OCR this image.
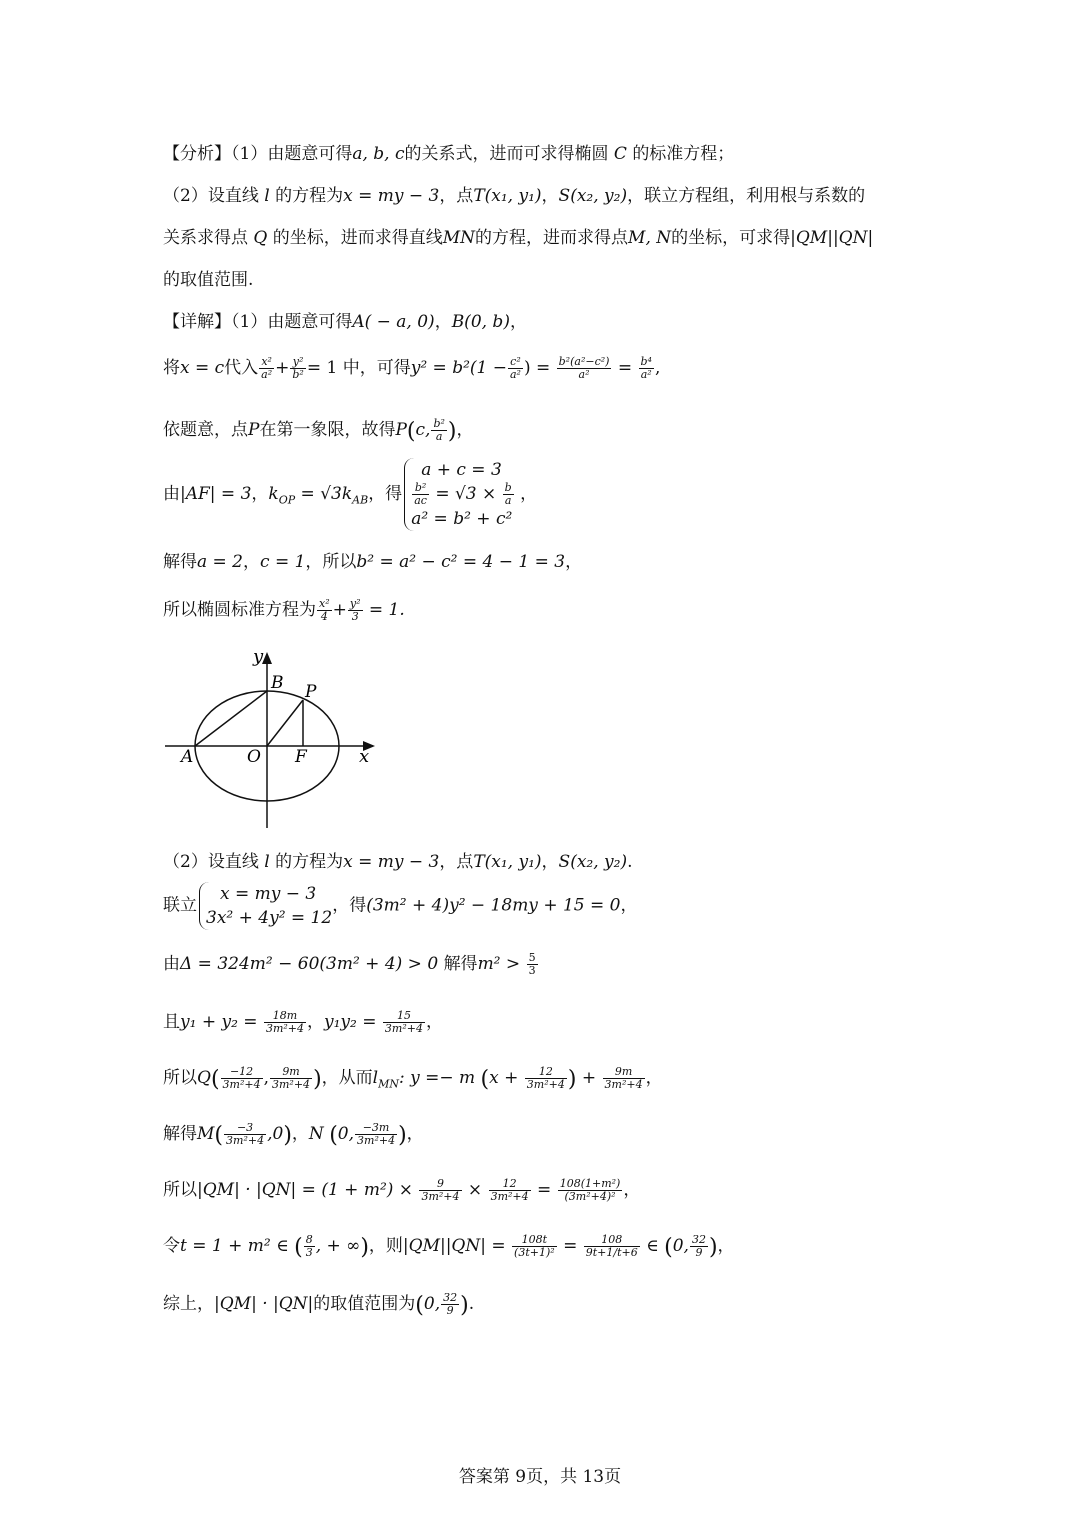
【分析】（1）由题意可得a, b, c的关系式，进而可求得椭圆 C 的标准方程；
（2）设直线 l 的方程为x = my − 3，点T(x₁, y₁)，S(x₂, y₂)，联立方程组，利用根与系数的
关系求得点 Q 的坐标，进而求得直线MN的方程，进而求得点M, N的坐标，可求得|QM||QN|
的取值范围.
【详解】（1）由题意可得A( − a, 0)，B(0, b)，
将x = c代入 $\frac{\text{x²}}{\text{a²}} + \frac{\text{y²}}{\text{b²}} = 1$ 中，可得$y^2 = b^2(1 - \frac{\text{c²}}{\text{a²}}$ ) = $\frac{\text{b²(a²−c²)}}{\text{a²}} = \frac{\text{b⁴}}{\text{a²}}$ ,
依题意，点P在第一象限，故得P(c, $\frac{\text{b²}}{a}$ )，
由|AF| = 3，$k_{OP} = √3k_{AB}$，得
a + c = 3
$\frac{\text{b²}}{ac} = √3 \times \frac{b}{a}$
a² = b² + c²
，
解得a = 2，c = 1，所以b² = a² − c² = 4 − 1 = 3，
所以椭圆标准方程为 $\frac{\text{x²}}{4} + \frac{\text{y²}}{3} = 1$.
y
x
B P
A	O F
（2）设直线 l 的方程为x = my − 3，点T(x₁, y₁)，S(x₂, y₂).
联立
x = my − 3
3x² + 4y² = 12
，得(3m² + 4)y² − 18my + 15 = 0，
由Δ = 324m² − 60(3m² + 4) > 0 解得$m^2 > \frac{5}{3}$
且$y_1 + y_2 = \frac{18m}{\text{3m²+4}}$ ，$y_1y_2 = \frac{15}{\text{3m²+4}}$ ，
所以$Q( \frac{-12}{\text{3m²+4}}$ , $\frac{9m}{\text{3m²+4}}$ )，从而$l_{MN}$: y =− m ($x + \frac{12}{\text{3m²+4}}$ ) + $\frac{9m}{\text{3m²+4}}$ ，
解得$M( \frac{-3}{\text{3m²+4}} ,0)$，N (0, $\frac{-3m}{\text{3m²+4}}$ )，
所以$|QM| \cdot |QN| = (1 + m^2) \times \frac{9}{\text{3m²+4}} \times \frac{12}{\text{3m²+4}} = \frac{\text{108(1+m²)}}{\text{(3m²+4)²}}$ ，
令t = 1 + m² ∈ ( $\frac{8}{3}$ , + ∞)，则$|QM||QN| = \frac{108t}{\text{(3t+1)²}} = \frac{108}{9t+1/t+6}$ ∈ (0, $\frac{32}{9}$ )，
综上，|QM| · |QN|的取值范围为(0, $\frac{32}{9}$ ).
答案第 9页，共 13页
